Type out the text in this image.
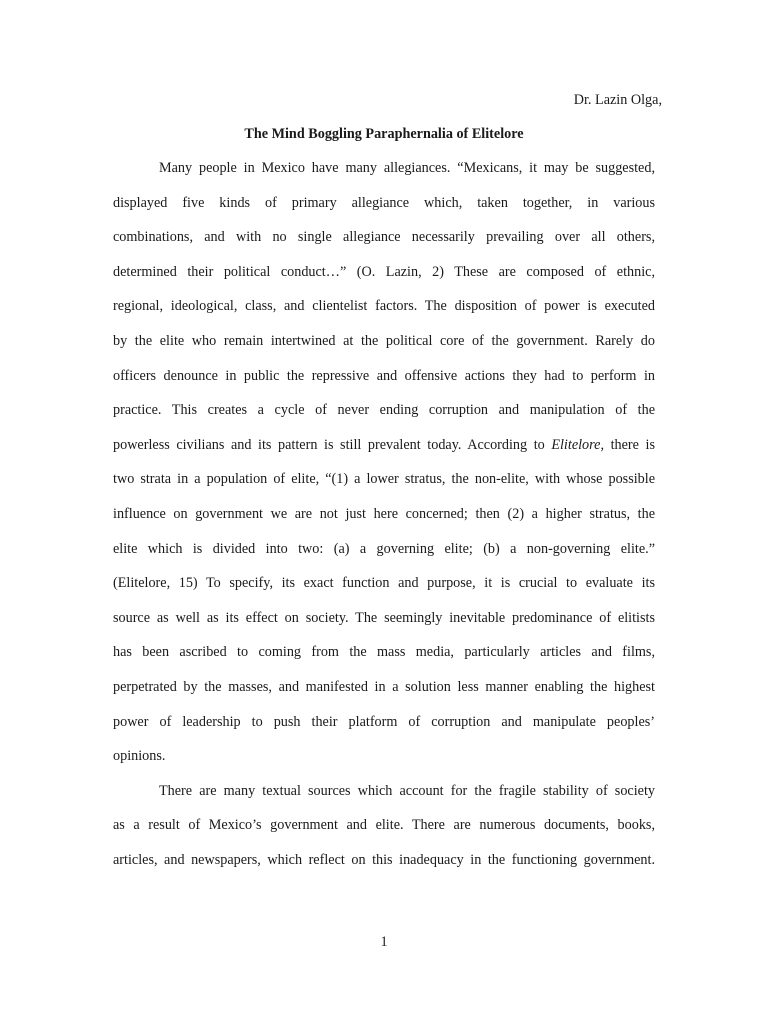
Dr. Lazin Olga,
The Mind Boggling Paraphernalia of Elitelore
Many people in Mexico have many allegiances. “Mexicans, it may be suggested,
displayed five kinds of primary allegiance which, taken together, in various
combinations, and with no single allegiance necessarily prevailing over all others,
determined their political conduct…” (O. Lazin, 2) These are composed of ethnic,
regional, ideological, class, and clientelist factors. The disposition of power is executed
by the elite who remain intertwined at the political core of the government. Rarely do
officers denounce in public the repressive and offensive actions they had to perform in
practice. This creates a cycle of never ending corruption and manipulation of the
powerless civilians and its pattern is still prevalent today. According to Elitelore, there is
two strata in a population of elite, “(1) a lower stratus, the non-elite, with whose possible
influence on government we are not just here concerned; then (2) a higher stratus, the
elite which is divided into two: (a) a governing elite; (b) a non-governing elite.”
(Elitelore, 15) To specify, its exact function and purpose, it is crucial to evaluate its
source as well as its effect on society. The seemingly inevitable predominance of elitists
has been ascribed to coming from the mass media, particularly articles and films,
perpetrated by the masses, and manifested in a solution less manner enabling the highest
power of leadership to push their platform of corruption and manipulate peoples’
opinions.
There are many textual sources which account for the fragile stability of society
as a result of Mexico’s government and elite. There are numerous documents, books,
articles, and newspapers, which reflect on this inadequacy in the functioning government.
1
